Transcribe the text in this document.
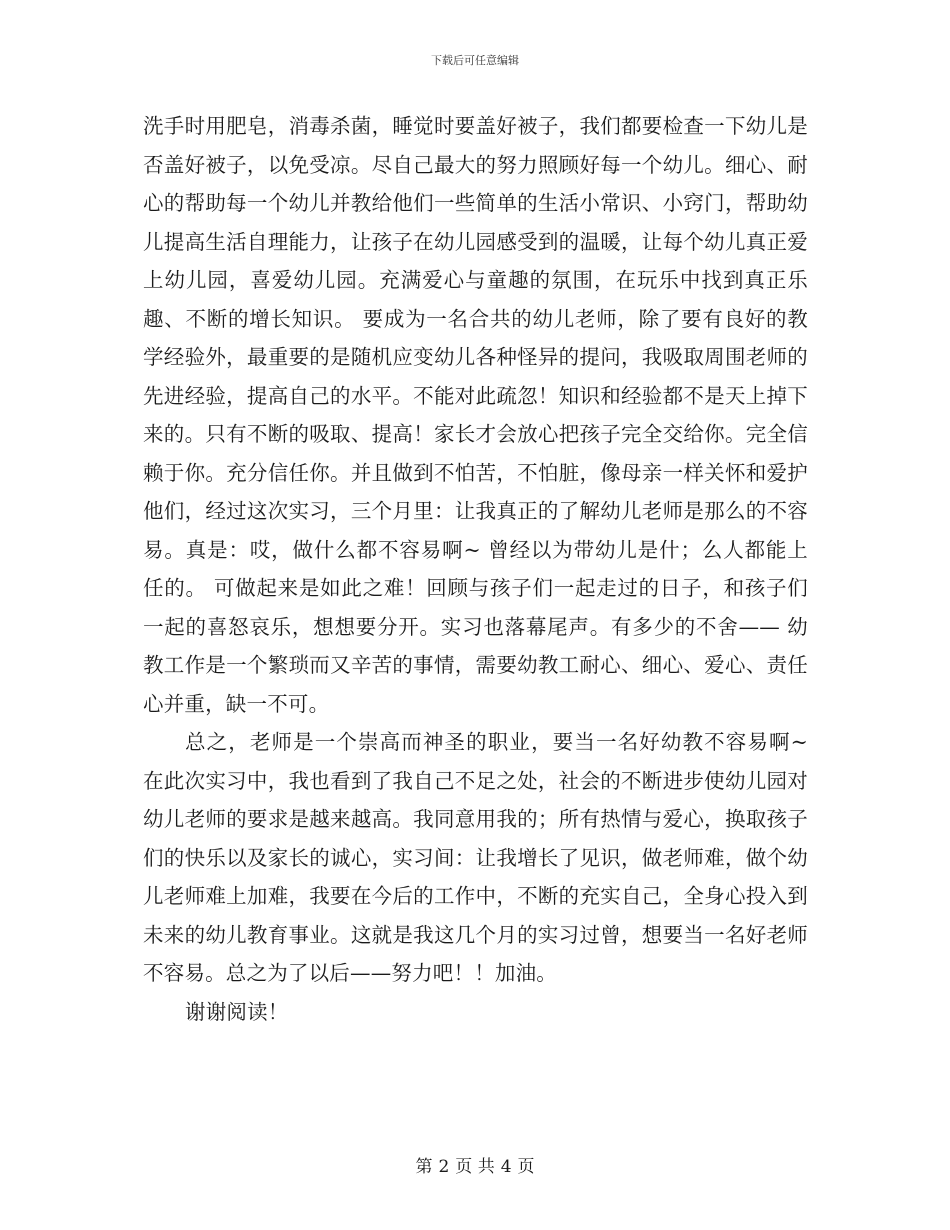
下载后可任意编辑

洗手时用肥皂，消毒杀菌，睡觉时要盖好被子，我们都要检查一下幼儿是否盖好被子，以免受凉。尽自己最大的努力照顾好每一个幼儿。细心、耐心的帮助每一个幼儿并教给他们一些简单的生活小常识、小窍门，帮助幼儿提高生活自理能力，让孩子在幼儿园感受到的温暖，让每个幼儿真正爱上幼儿园，喜爱幼儿园。充满爱心与童趣的氛围，在玩乐中找到真正乐趣、不断的增长知识。 要成为一名合共的幼儿老师，除了要有良好的教学经验外，最重要的是随机应变幼儿各种怪异的提问，我吸取周围老师的先进经验，提高自己的水平。不能对此疏忽！知识和经验都不是天上掉下来的。只有不断的吸取、提高！家长才会放心把孩子完全交给你。完全信赖于你。充分信任你。并且做到不怕苦，不怕脏，像母亲一样关怀和爱护他们，经过这次实习，三个月里：让我真正的了解幼儿老师是那么的不容易。真是：哎，做什么都不容易啊~ 曾经以为带幼儿是什；么人都能上任的。 可做起来是如此之难！回顾与孩子们一起走过的日子，和孩子们一起的喜怒哀乐，想想要分开。实习也落幕尾声。有多少的不舍—— 幼教工作是一个繁琐而又辛苦的事情，需要幼教工耐心、细心、爱心、责任心并重，缺一不可。

总之，老师是一个崇高而神圣的职业，要当一名好幼教不容易啊~ 在此次实习中，我也看到了我自己不足之处，社会的不断进步使幼儿园对幼儿老师的要求是越来越高。我同意用我的；所有热情与爱心，换取孩子们的快乐以及家长的诚心，实习间：让我增长了见识，做老师难，做个幼儿老师难上加难，我要在今后的工作中，不断的充实自己，全身心投入到未来的幼儿教育事业。这就是我这几个月的实习过曾，想要当一名好老师不容易。总之为了以后——努力吧！！加油。

谢谢阅读！

第 2 页 共 4 页
